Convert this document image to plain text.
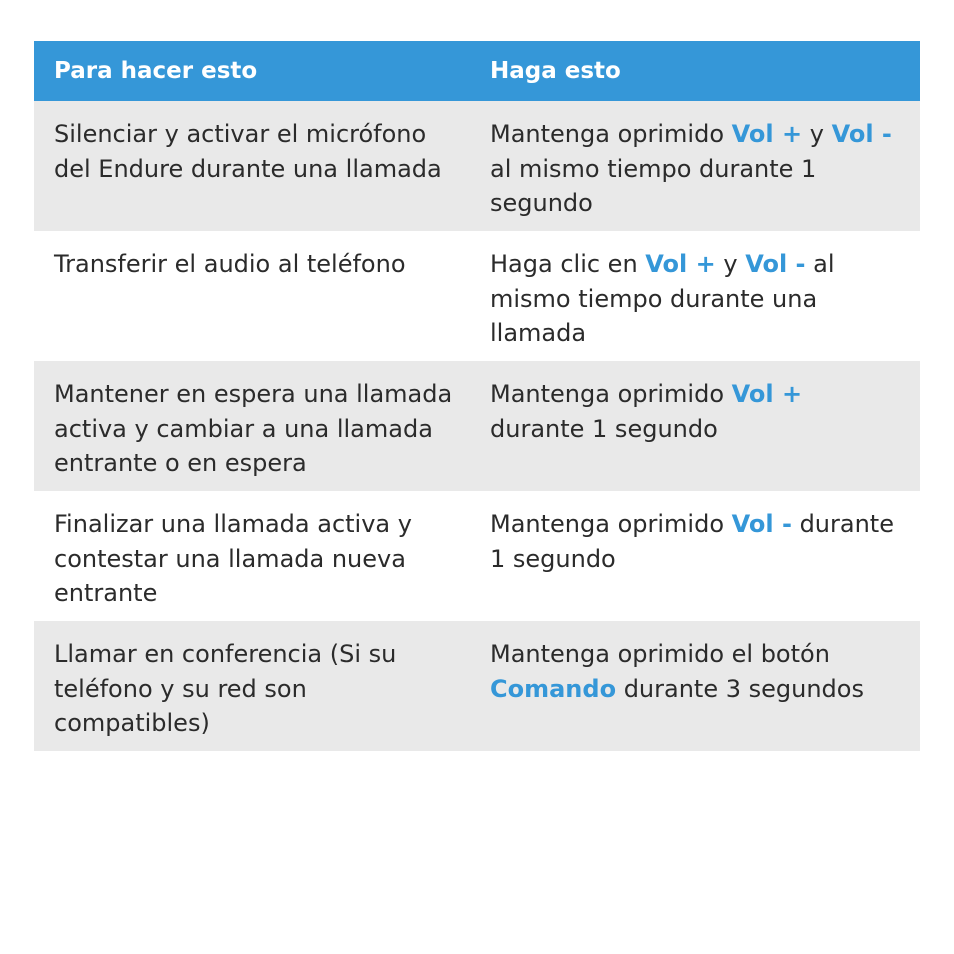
Para hacer esto	Haga esto
Silenciar y activar el micrófono del Endure durante una llamada
Mantenga oprimido Vol + y Vol - al mismo tiempo durante 1 segundo
Transferir el audio al teléfono	Haga clic en Vol + y Vol - al mismo tiempo durante una llamada
Mantener en espera una llamada activa y cambiar a una llamada entrante o en espera
Mantenga oprimido Vol + durante 1 segundo
Finalizar una llamada activa y contestar una llamada nueva entrante
Mantenga oprimido Vol - durante 1 segundo
Llamar en conferencia (Si su teléfono y su red son compatibles)
Mantenga oprimido el botón Comando durante 3 segundos
